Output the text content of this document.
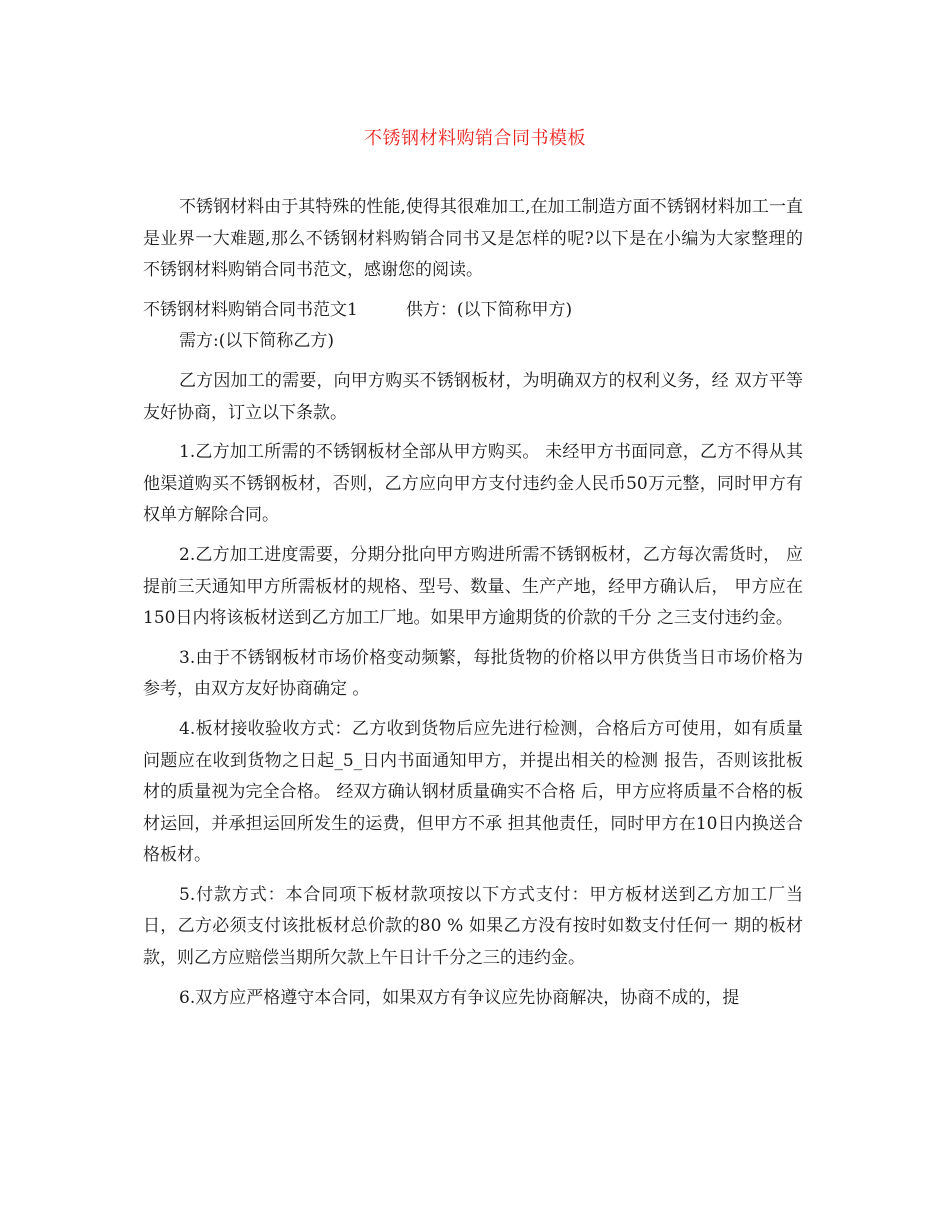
不锈钢材料购销合同书模板

不锈钢材料由于其特殊的性能,使得其很难加工,在加工制造方面不锈钢材料加工一直是业界一大难题,那么不锈钢材料购销合同书又是怎样的呢?以下是在小编为大家整理的不锈钢材料购销合同书范文，感谢您的阅读。

不锈钢材料购销合同书范文1	供方：(以下简称甲方)

需方:(以下简称乙方)

乙方因加工的需要，向甲方购买不锈钢板材，为明确双方的权利义务，经 双方平等友好协商，订立以下条款。

1.乙方加工所需的不锈钢板材全部从甲方购买。 未经甲方书面同意，乙方不得从其他渠道购买不锈钢板材，否则，乙方应向甲方支付违约金人民币50万元整，同时甲方有权单方解除合同。

2.乙方加工进度需要，分期分批向甲方购进所需不锈钢板材，乙方每次需货时， 应提前三天通知甲方所需板材的规格、型号、数量、生产产地，经甲方确认后， 甲方应在150日内将该板材送到乙方加工厂地。如果甲方逾期货的价款的千分 之三支付违约金。

3.由于不锈钢板材市场价格变动频繁，每批货物的价格以甲方供货当日市场价格为参考，由双方友好协商确定 。

4.板材接收验收方式：乙方收到货物后应先进行检测，合格后方可使用，如有质量问题应在收到货物之日起_5_日内书面通知甲方，并提出相关的检测 报告，否则该批板材的质量视为完全合格。 经双方确认钢材质量确实不合格 后，甲方应将质量不合格的板材运回，并承担运回所发生的运费，但甲方不承 担其他责任，同时甲方在10日内换送合格板材。

5.付款方式：本合同项下板材款项按以下方式支付：甲方板材送到乙方加工厂当日，乙方必须支付该批板材总价款的80 % 如果乙方没有按时如数支付任何一 期的板材款，则乙方应赔偿当期所欠款上午日计千分之三的违约金。

6.双方应严格遵守本合同，如果双方有争议应先协商解决，协商不成的，提
